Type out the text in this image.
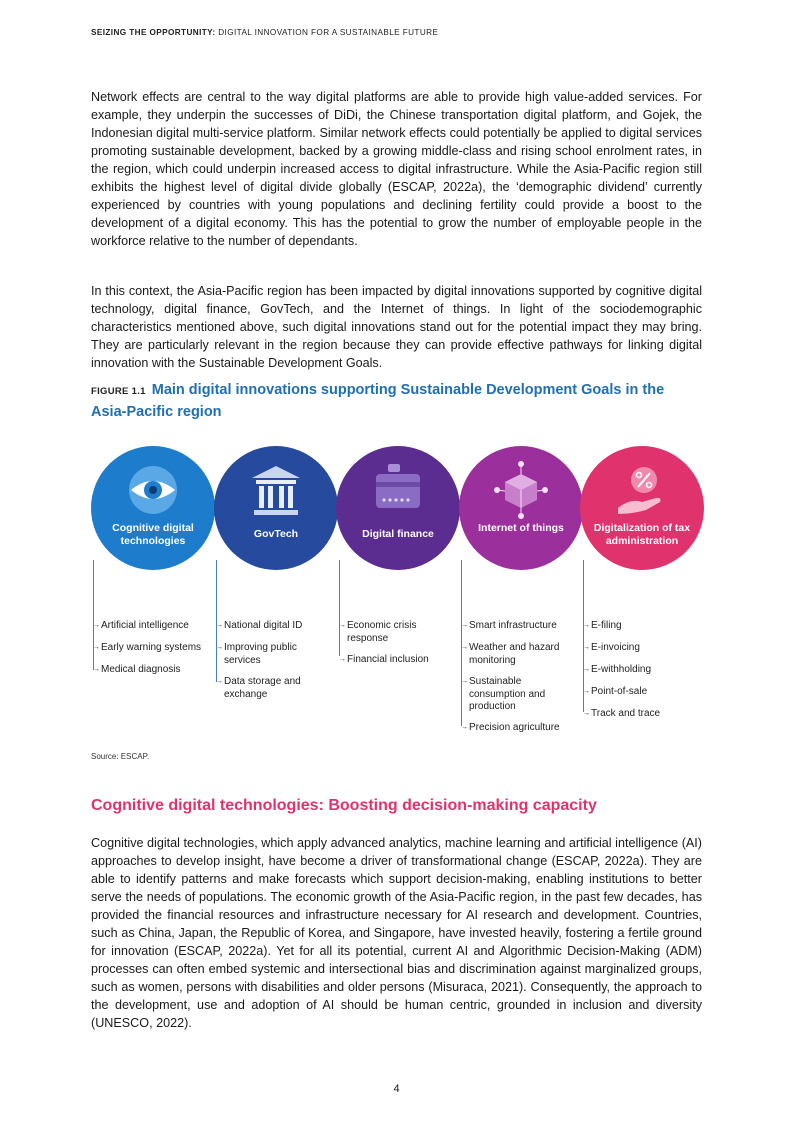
SEIZING THE OPPORTUNITY: DIGITAL INNOVATION FOR A SUSTAINABLE FUTURE

Network effects are central to the way digital platforms are able to provide high value-added services. For example, they underpin the successes of DiDi, the Chinese transportation digital platform, and Gojek, the Indonesian digital multi-service platform. Similar network effects could potentially be applied to digital services promoting sustainable development, backed by a growing middle-class and rising school enrolment rates, in the region, which could underpin increased access to digital infrastructure. While the Asia-Pacific region still exhibits the highest level of digital divide globally (ESCAP, 2022a), the ‘demographic dividend’ currently experienced by countries with young populations and declining fertility could provide a boost to the development of a digital economy. This has the potential to grow the number of employable people in the workforce relative to the number of dependants.

In this context, the Asia-Pacific region has been impacted by digital innovations supported by cognitive digital technology, digital finance, GovTech, and the Internet of things. In light of the sociodemographic characteristics mentioned above, such digital innovations stand out for the potential impact they may bring. They are particularly relevant in the region because they can provide effective pathways for linking digital innovation with the Sustainable Development Goals.

FIGURE 1.1 Main digital innovations supporting Sustainable Development Goals in the Asia-Pacific region
Cognitive digital technologies
GovTech	Digital finance	Internet of things	Digitalization of tax administration
→ Artificial intelligence
→ Early warning systems
→ Medical diagnosis
→ National digital ID
→ Improving public services
→ Data storage and exchange
→ Economic crisis response
→ Financial inclusion
→ Smart infrastructure
→ Weather and hazard monitoring
→ Sustainable consumption and production
→ Precision agriculture
→ E-filing
→ E-invoicing
→ E-withholding
→ Point-of-sale
→ Track and trace
Source: ESCAP.
Cognitive digital technologies: Boosting decision-making capacity

Cognitive digital technologies, which apply advanced analytics, machine learning and artificial intelligence (AI) approaches to develop insight, have become a driver of transformational change (ESCAP, 2022a). They are able to identify patterns and make forecasts which support decision-making, enabling institutions to better serve the needs of populations. The economic growth of the Asia-Pacific region, in the past few decades, has provided the financial resources and infrastructure necessary for AI research and development. Countries, such as China, Japan, the Republic of Korea, and Singapore, have invested heavily, fostering a fertile ground for innovation (ESCAP, 2022a). Yet for all its potential, current AI and Algorithmic Decision-Making (ADM) processes can often embed systemic and intersectional bias and discrimination against marginalized groups, such as women, persons with disabilities and older persons (Misuraca, 2021). Consequently, the approach to the development, use and adoption of AI should be human centric, grounded in inclusion and diversity (UNESCO, 2022).

4
